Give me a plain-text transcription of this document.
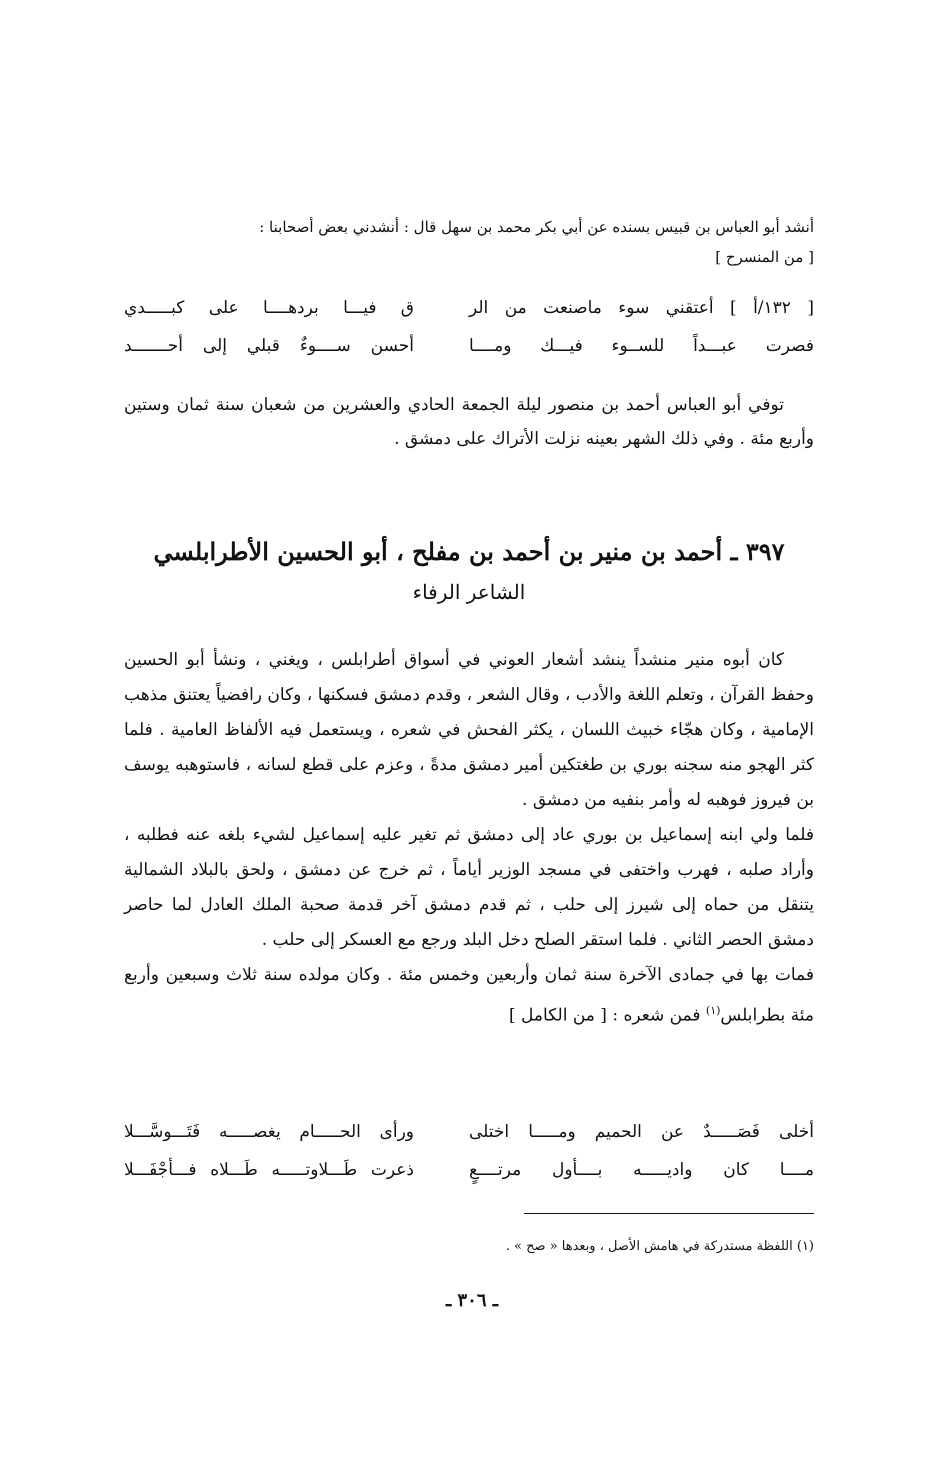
أنشد أبو العباس بن قبيس بسنده عن أبي بكر محمد بن سهل قال : أنشدني بعض أصحابنا :

[ من المنسرح ]

[ ١٣٢/أ ] أعتقني سوء ماصنعت من الر
ق فيـــا بردهــــا على كبـــــدي
فصرت عبـــداً للســوء فيـــك ومــــا
أحسن ســــوءٌ قبلي إلى أحـــــــد

توفي أبو العباس أحمد بن منصور ليلة الجمعة الحادي والعشرين من شعبان سنة ثمان وستين وأربع مئة . وفي ذلك الشهر بعينه نزلت الأتراك على دمشق .

٣٩٧ ـ أحمد بن منير بن أحمد بن مفلح ، أبو الحسين الأطرابلسي
الشاعر الرفاء

كان أبوه منير منشداً ينشد أشعار العوني في أسواق أطرابلس ، ويغني ، ونشأ أبو الحسين وحفظ القرآن ، وتعلم اللغة والأدب ، وقال الشعر ، وقدم دمشق فسكنها ، وكان رافضياً يعتنق مذهب الإمامية ، وكان هجّاء خبيث اللسان ، يكثر الفحش في شعره ، ويستعمل فيه الألفاظ العامية . فلما كثر الهجو منه سجنه بوري بن طغتكين أمير دمشق مدةً ، وعزم على قطع لسانه ، فاستوهبه يوسف بن فيروز فوهبه له وأمر بنفيه من دمشق .

فلما ولي ابنه إسماعيل بن بوري عاد إلى دمشق ثم تغير عليه إسماعيل لشيء بلغه عنه فطلبه ، وأراد صلبه ، فهرب واختفى في مسجد الوزير أياماً ، ثم خرج عن دمشق ، ولحق بالبلاد الشمالية يتنقل من حماه إلى شيرز إلى حلب ، ثم قدم دمشق آخر قدمة صحبة الملك العادل لما حاصر دمشق الحصر الثاني . فلما استقر الصلح دخل البلد ورجع مع العسكر إلى حلب .

فمات بها في جمادى الآخرة سنة ثمان وأربعين وخمس مئة . وكان مولده سنة ثلاث وسبعين وأربع مئة بطرابلس$^{(١)}$ فمن شعره : [ من الكامل ]

أخلى فَصَـــــدٌ عن الحميم ومـــــا اختلى
ورأى الحـــــام يغصـــــه فَتَـــوسَّـــلا
مــــا كان واديـــــه بــــأول مرتــــعٍ
ذعرت طَـــلاوتـــــه طَـــلاه فـــأجْفَـــلا
(١) اللفظة مستدركة في هامش الأصل ، وبعدها « صح » .
ـ ٣٠٦ ـ
